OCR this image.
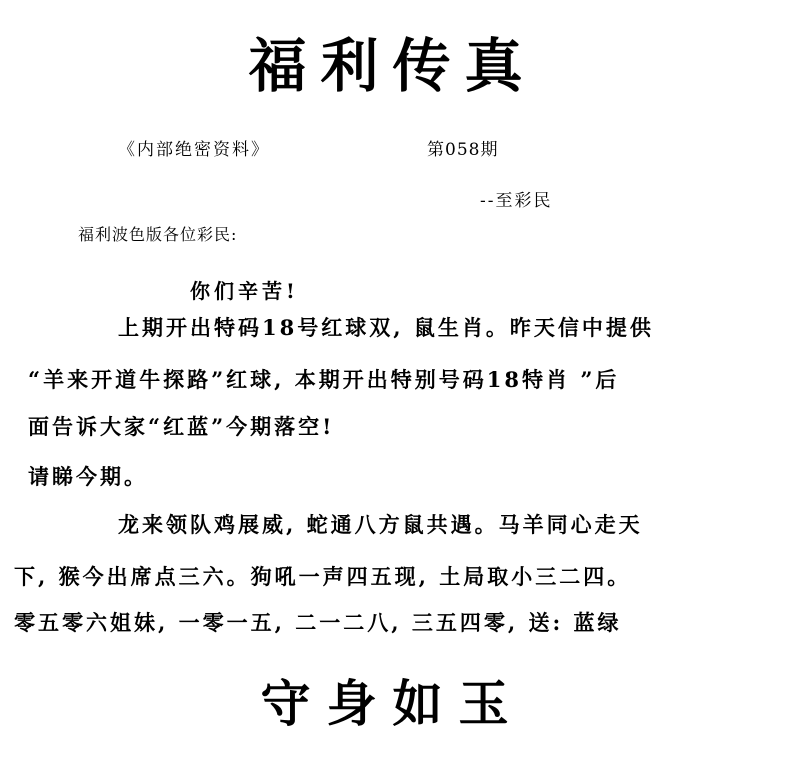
福利传真
《内部绝密资料》	第058期
--至彩民
福利波色版各位彩民:
你们辛苦!
上期开出特码18号红球双, 鼠生肖。昨天信中提供
“羊来开道牛探路”红球, 本期开出特别号码18特肖 ”后
面告诉大家“红蓝”今期落空!
请睇今期。
龙来领队鸡展威, 蛇通八方鼠共遇。马羊同心走天
下, 猴今出席点三六。狗吼一声四五现, 土局取小三二四。
零五零六姐妹, 一零一五, 二一二八, 三五四零, 送: 蓝绿
守身如玉
